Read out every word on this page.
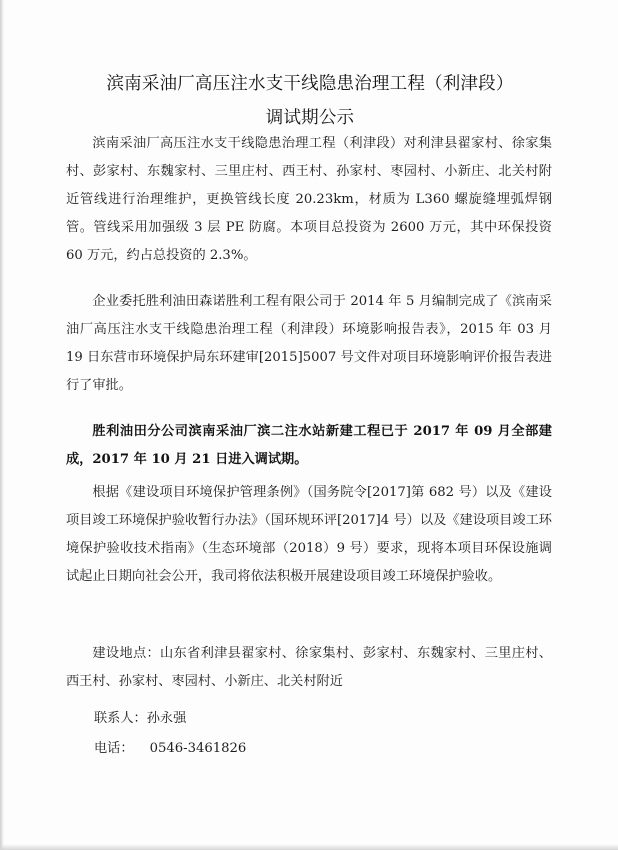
滨南采油厂高压注水支干线隐患治理工程（利津段）
调试期公示

滨南采油厂高压注水支干线隐患治理工程（利津段）对利津县翟家村、徐家集村、彭家村、东魏家村、三里庄村、西王村、孙家村、枣园村、小新庄、北关村附近管线进行治理维护，更换管线长度 20.23km，材质为 L360 螺旋缝埋弧焊钢管。管线采用加强级 3 层 PE 防腐。本项目总投资为 2600 万元，其中环保投资 60 万元，约占总投资的 2.3%。

企业委托胜利油田森诺胜利工程有限公司于 2014 年 5 月编制完成了《滨南采油厂高压注水支干线隐患治理工程（利津段）环境影响报告表》，2015 年 03 月 19 日东营市环境保护局东环建审[2015]5007 号文件对项目环境影响评价报告表进行了审批。

胜利油田分公司滨南采油厂滨二注水站新建工程已于 2017 年 09 月全部建成，2017 年 10 月 21 日进入调试期。

根据《建设项目环境保护管理条例》（国务院令[2017]第 682 号）以及《建设项目竣工环境保护验收暂行办法》（国环规环评[2017]4 号）以及《建设项目竣工环境保护验收技术指南》（生态环境部（2018）9 号）要求，现将本项目环保设施调试起止日期向社会公开，我司将依法积极开展建设项目竣工环境保护验收。

建设地点：山东省利津县翟家村、徐家集村、彭家村、东魏家村、三里庄村、西王村、孙家村、枣园村、小新庄、北关村附近

联系人：孙永强
电话： 0546-3461826
